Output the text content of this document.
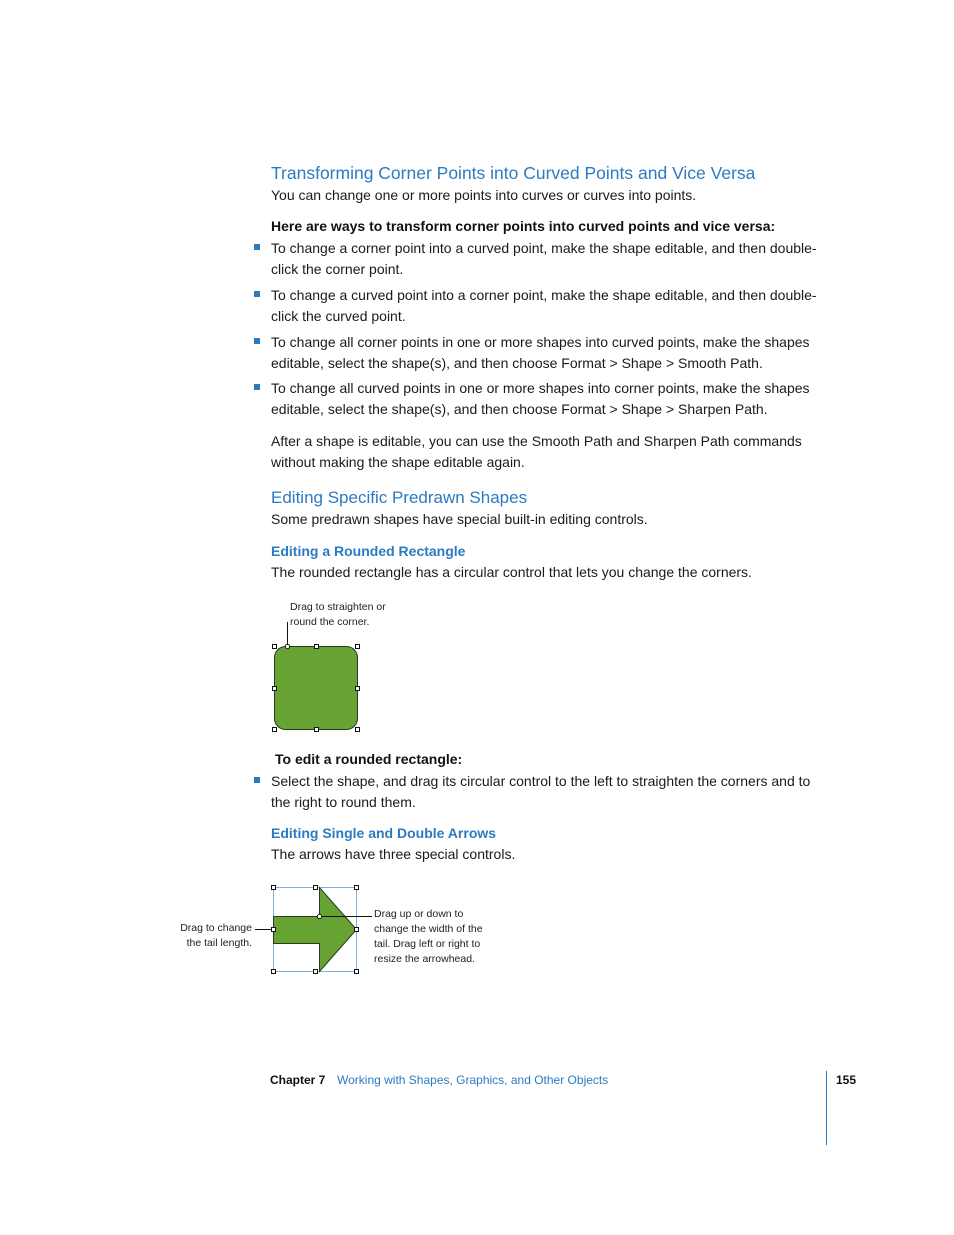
Transforming Corner Points into Curved Points and Vice Versa
You can change one or more points into curves or curves into points.
Here are ways to transform corner points into curved points and vice versa:
To change a corner point into a curved point, make the shape editable, and then double-click the corner point.
To change a curved point into a corner point, make the shape editable, and then double-click the curved point.
To change all corner points in one or more shapes into curved points, make the shapes editable, select the shape(s), and then choose Format > Shape > Smooth Path.
To change all curved points in one or more shapes into corner points, make the shapes editable, select the shape(s), and then choose Format > Shape > Sharpen Path.
After a shape is editable, you can use the Smooth Path and Sharpen Path commands without making the shape editable again.
Editing Specific Predrawn Shapes
Some predrawn shapes have special built-in editing controls.
Editing a Rounded Rectangle
The rounded rectangle has a circular control that lets you change the corners.
Drag to straighten or round the corner.
To edit a rounded rectangle:
Select the shape, and drag its circular control to the left to straighten the corners and to the right to round them.
Editing Single and Double Arrows
The arrows have three special controls.
Drag to change the tail length.
Drag up or down to change the width of the tail. Drag left or right to resize the arrowhead.
Chapter 7 Working with Shapes, Graphics, and Other Objects	155
